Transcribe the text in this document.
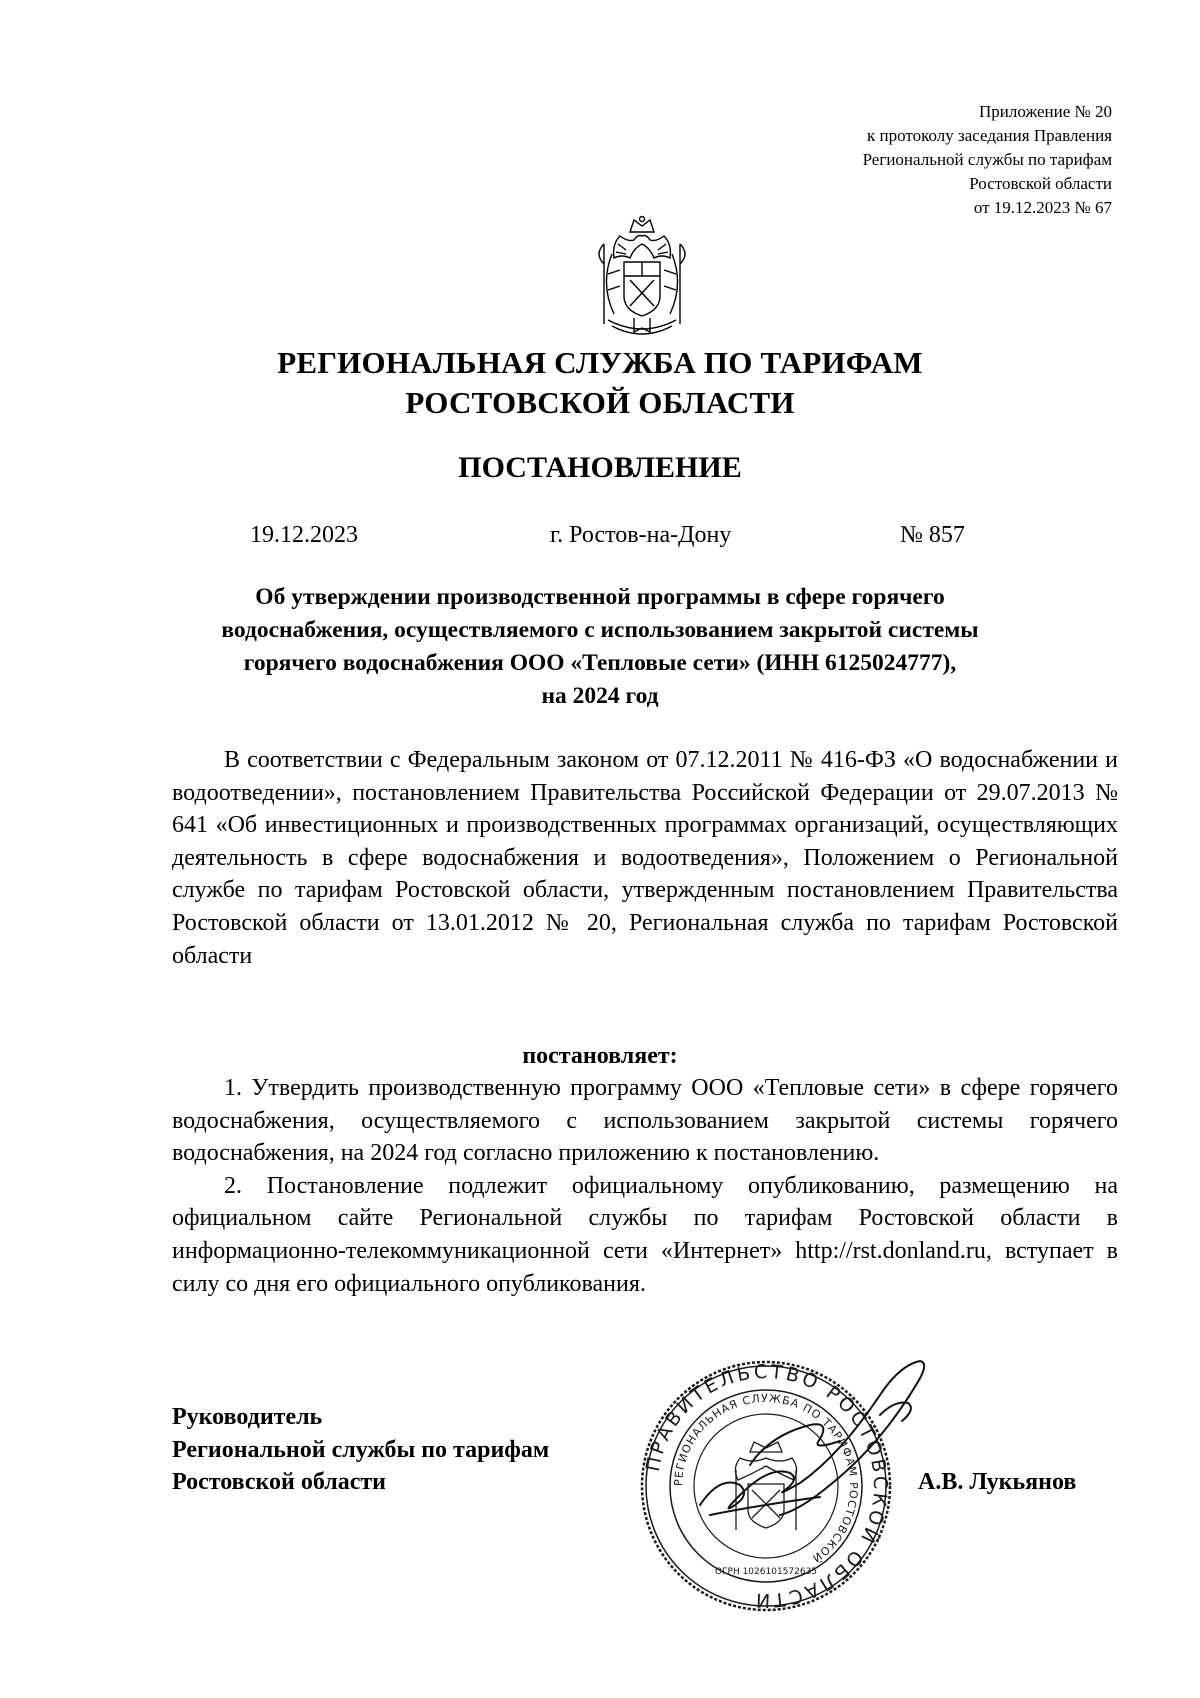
Приложение № 20
к протоколу заседания Правления
Региональной службы по тарифам
Ростовской области
от 19.12.2023 № 67
РЕГИОНАЛЬНАЯ СЛУЖБА ПО ТАРИФАМ
РОСТОВСКОЙ ОБЛАСТИ
ПОСТАНОВЛЕНИЕ
19.12.2023	г. Ростов-на-Дону	№ 857
Об утверждении производственной программы в сфере горячего
водоснабжения, осуществляемого с использованием закрытой системы
горячего водоснабжения ООО «Тепловые сети» (ИНН 6125024777),
на 2024 год
В соответствии с Федеральным законом от 07.12.2011 № 416-ФЗ «О водоснабжении и водоотведении», постановлением Правительства Российской Федерации от 29.07.2013 № 641 «Об инвестиционных и производственных программах организаций, осуществляющих деятельность в сфере водоснабжения и водоотведения», Положением о Региональной службе по тарифам Ростовской области, утвержденным постановлением Правительства Ростовской области от 13.01.2012 № 20, Региональная служба по тарифам Ростовской области
постановляет:

1. Утвердить производственную программу ООО «Тепловые сети» в сфере горячего водоснабжения, осуществляемого с использованием закрытой системы горячего водоснабжения, на 2024 год согласно приложению к постановлению.

2. Постановление подлежит официальному опубликованию, размещению на официальном сайте Региональной службы по тарифам Ростовской области в информационно-телекоммуникационной сети «Интернет» http://rst.donland.ru, вступает в силу со дня его официального опубликования.

Руководитель
Региональной службы по тарифам
Ростовской области
ПРАВИТЕЛЬСТВО РОСТОВСКОЙ ОБЛАСТИ
РЕГИОНАЛЬНАЯ СЛУЖБА ПО ТАРИФАМ РОСТОВСКОЙ
ОГРН 1026101572635
А.В. Лукьянов
